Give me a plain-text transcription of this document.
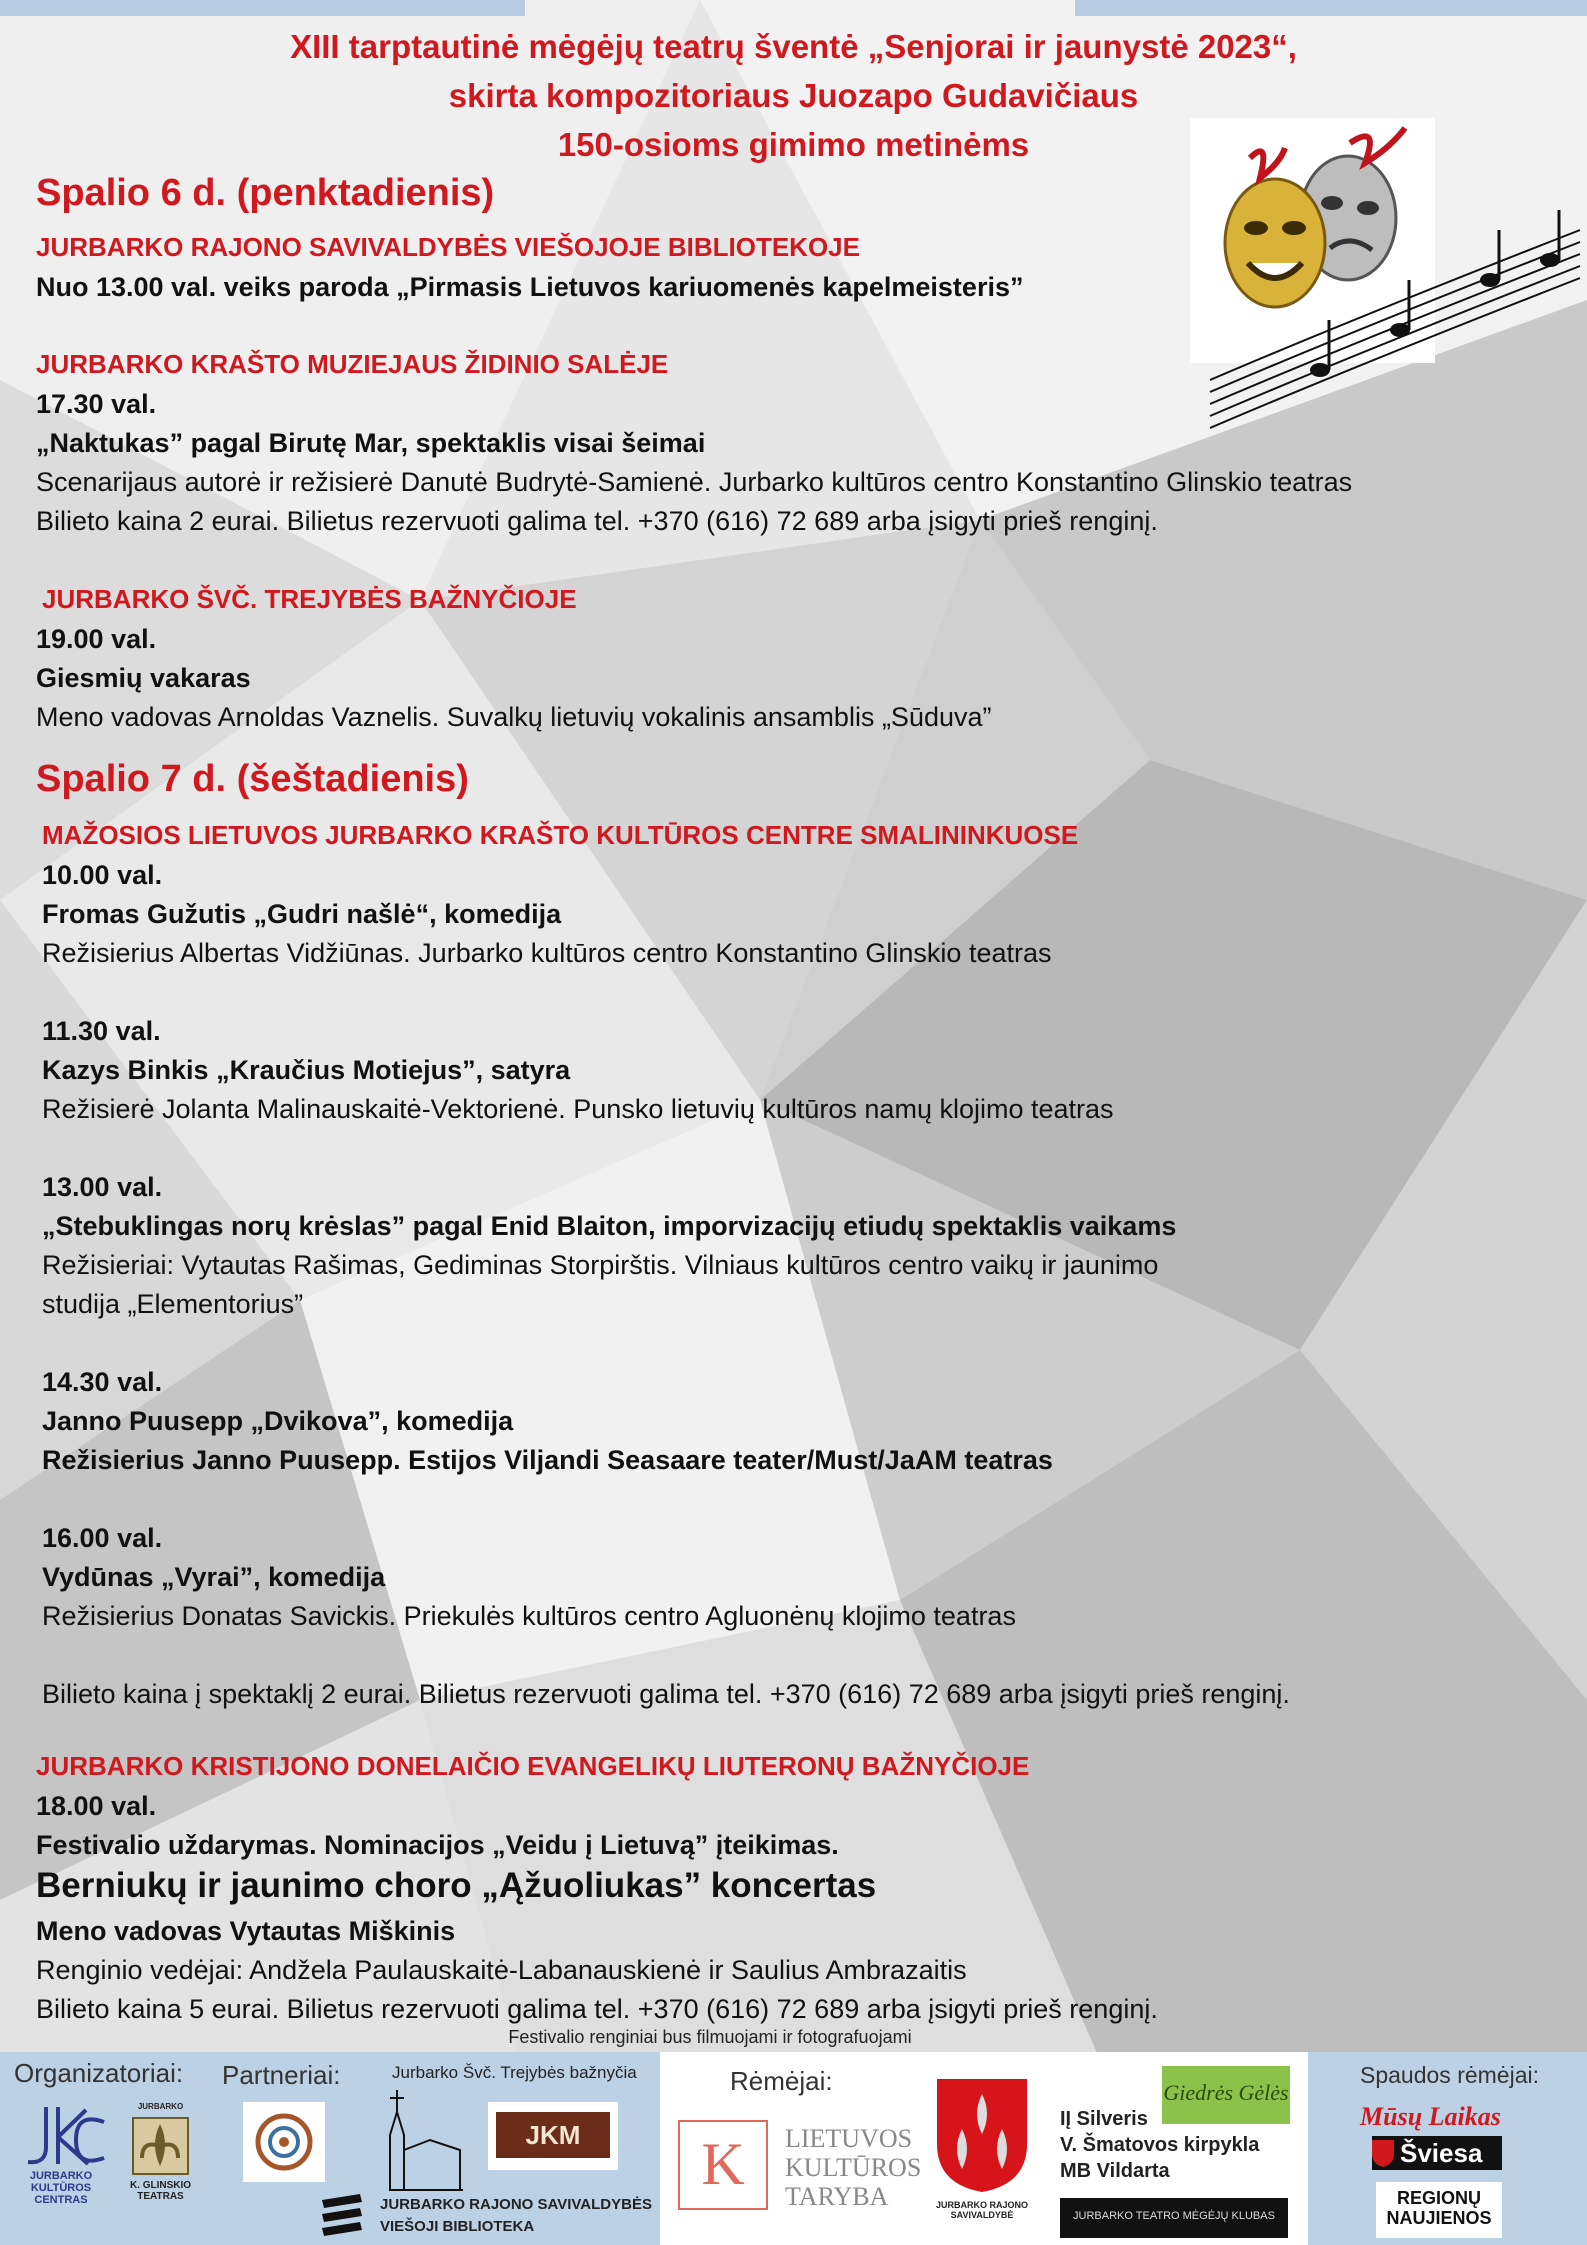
XIII tarptautinė mėgėjų teatrų šventė „Senjorai ir jaunystė 2023“,
skirta kompozitoriaus Juozapo Gudavičiaus
150-osioms gimimo metinėms
Spalio 6 d. (penktadienis)
JURBARKO RAJONO SAVIVALDYBĖS VIEŠOJOJE BIBLIOTEKOJE
Nuo 13.00 val. veiks paroda „Pirmasis Lietuvos kariuomenės kapelmeisteris”
JURBARKO KRAŠTO MUZIEJAUS ŽIDINIO SALĖJE
17.30 val.
„Naktukas” pagal Birutę Mar, spektaklis visai šeimai
Scenarijaus autorė ir režisierė Danutė Budrytė-Samienė. Jurbarko kultūros centro Konstantino Glinskio teatras
Bilieto kaina 2 eurai. Bilietus rezervuoti galima tel. +370 (616) 72 689 arba įsigyti prieš renginį.
JURBARKO ŠVČ. TREJYBĖS BAŽNYČIOJE
19.00 val.
Giesmių vakaras
Meno vadovas Arnoldas Vaznelis. Suvalkų lietuvių vokalinis ansamblis „Sūduva”
Spalio 7 d. (šeštadienis)
MAŽOSIOS LIETUVOS JURBARKO KRAŠTO KULTŪROS CENTRE SMALININKUOSE
10.00 val.
Fromas Gužutis „Gudri našlė“, komedija
Režisierius Albertas Vidžiūnas. Jurbarko kultūros centro Konstantino Glinskio teatras
11.30 val.
Kazys Binkis „Kraučius Motiejus”, satyra
Režisierė Jolanta Malinauskaitė-Vektorienė. Punsko lietuvių kultūros namų klojimo teatras
13.00 val.
„Stebuklingas norų krėslas” pagal Enid Blaiton, imporvizacijų etiudų spektaklis vaikams
Režisieriai: Vytautas Rašimas, Gediminas Storpirštis. Vilniaus kultūros centro vaikų ir jaunimo
studija „Elementorius”
14.30 val.
Janno Puusepp „Dvikova”, komedija
Režisierius Janno Puusepp. Estijos Viljandi Seasaare teater/Must/JaAM teatras
16.00 val.
Vydūnas „Vyrai”, komedija
Režisierius Donatas Savickis. Priekulės kultūros centro Agluonėnų klojimo teatras
Bilieto kaina į spektaklį 2 eurai. Bilietus rezervuoti galima tel. +370 (616) 72 689 arba įsigyti prieš renginį.
JURBARKO KRISTIJONO DONELAIČIO EVANGELIKŲ LIUTERONŲ BAŽNYČIOJE
18.00 val.
Festivalio uždarymas. Nominacijos „Veidu į Lietuvą” įteikimas.
Berniukų ir jaunimo choro „Ąžuoliukas” koncertas
Meno vadovas Vytautas Miškinis
Renginio vedėjai: Andžela Paulauskaitė-Labanauskienė ir Saulius Ambrazaitis
Bilieto kaina 5 eurai. Bilietus rezervuoti galima tel. +370 (616) 72 689 arba įsigyti prieš renginį.
Festivalio renginiai bus filmuojami ir fotografuojami
Organizatoriai: Partneriai:	Jurbarko Švč. Trejybės bažnyčia
JURBARKO KULTŪROS CENTRAS
JURBARKO
K. GLINSKIO TEATRAS
JKM
JURBARKO RAJONO SAVIVALDYBĖS
VIEŠOJI BIBLIOTEKA
Rėmėjai:
K	LIETUVOS
KULTŪROS
TARYBA	JURBARKO RAJONO SAVIVALDYBĖ
IĮ Silveris
V. Šmatovos kirpykla
MB Vildarta
Giedrės Gėlės
JURBARKO TEATRO MĖGĖJŲ KLUBAS
Spaudos rėmėjai:
Mūsų Laikas
Šviesa
REGIONŲ
NAUJIENOS
